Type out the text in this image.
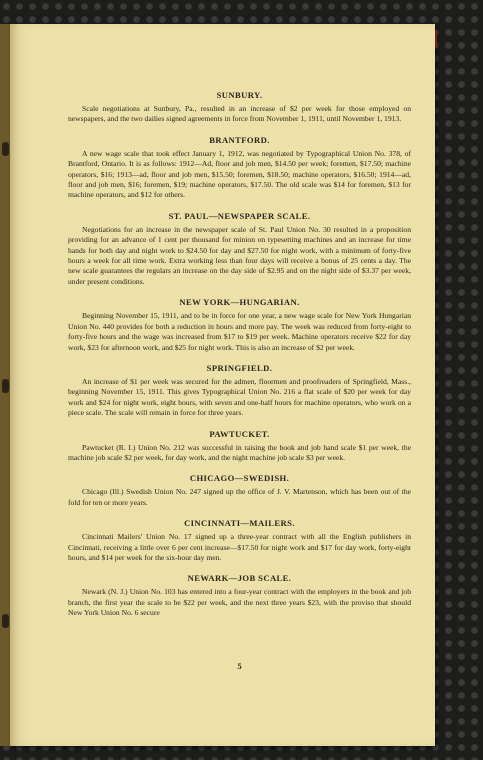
SUNBURY.

Scale negotiations at Sunbury, Pa., resulted in an increase of $2 per week for those employed on newspapers, and the two dailies signed agreements in force from November 1, 1911, until November 1, 1913.

BRANTFORD.

A new wage scale that took effect January 1, 1912, was negotiated by Typographical Union No. 378, of Brantford, Ontario. It is as follows: 1912—Ad, floor and job men, $14.50 per week; foremen, $17.50; machine operators, $16; 1913—ad, floor and job men, $15.50; foremen, $18.50; machine operators, $16.50; 1914—ad, floor and job men, $16; foremen, $19; machine operators, $17.50. The old scale was $14 for foremen, $13 for machine operators, and $12 for others.

ST. PAUL—NEWSPAPER SCALE.

Negotiations for an increase in the newspaper scale of St. Paul Union No. 30 resulted in a proposition providing for an advance of 1 cent per thousand for minion on typesetting machines and an increase for time hands for both day and night work to $24.50 for day and $27.50 for night work, with a minimum of forty-five hours a week for all time work. Extra working less than four days will receive a bonus of 25 cents a day. The new scale guarantees the regulars an increase on the day side of $2.95 and on the night side of $3.37 per week, under present conditions.

NEW YORK—HUNGARIAN.

Beginning November 15, 1911, and to be in force for one year, a new wage scale for New York Hungarian Union No. 440 provides for both a reduction in hours and more pay. The week was reduced from forty-eight to forty-five hours and the wage was increased from $17 to $19 per week. Machine operators receive $22 for day work, $23 for afternoon work, and $25 for night work. This is also an increase of $2 per week.

SPRINGFIELD.

An increase of $1 per week was secured for the admen, floormen and proofreaders of Springfield, Mass., beginning November 15, 1911. This gives Typographical Union No. 216 a flat scale of $20 per week for day work and $24 for night work, eight hours, with seven and one-half hours for machine operators, who work on a piece scale. The scale will remain in force for three years.

PAWTUCKET.

Pawtucket (R. I.) Union No. 212 was successful in raising the book and job hand scale $1 per week, the machine job scale $2 per week, for day work, and the night machine job scale $3 per week.

CHICAGO—SWEDISH.

Chicago (Ill.) Swedish Union No. 247 signed up the office of J. V. Martenson, which has been out of the fold for ten or more years.

CINCINNATI—MAILERS.

Cincinnati Mailers' Union No. 17 signed up a three-year contract with all the English publishers in Cincinnati, receiving a little over 6 per cent increase—$17.50 for night work and $17 for day work, forty-eight hours, and $14 per week for the six-hour day men.

NEWARK—JOB SCALE.

Newark (N. J.) Union No. 103 has entered into a four-year contract with the employers in the book and job branch, the first year the scale to be $22 per week, and the next three years $23, with the proviso that should New York Union No. 6 secure

5
